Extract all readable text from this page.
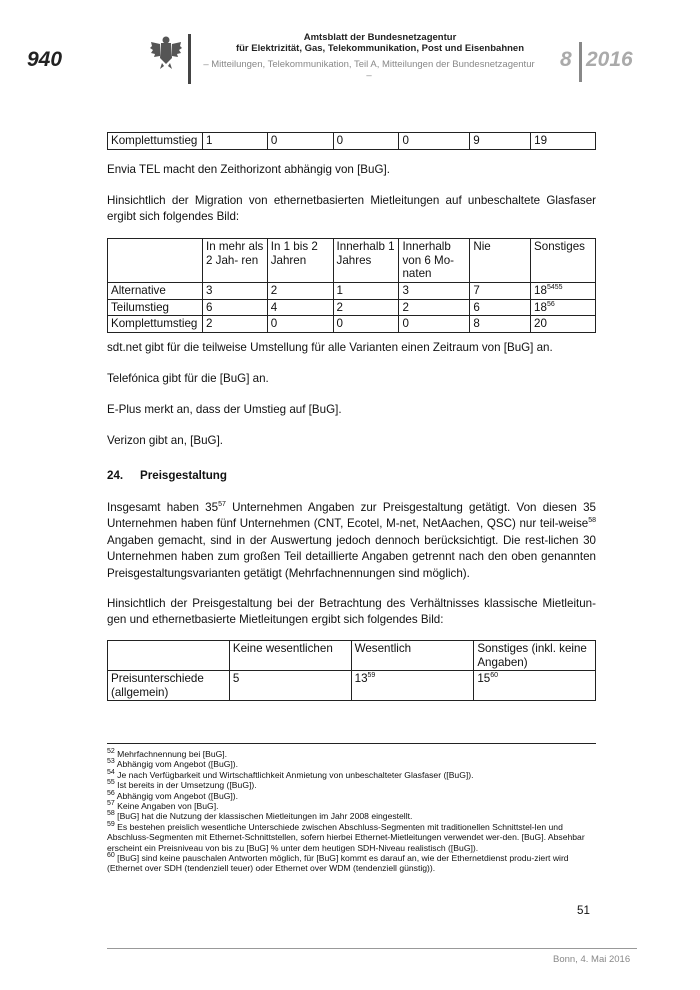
940
Amtsblatt der Bundesnetzagentur
für Elektrizität, Gas, Telekommunikation, Post und Eisenbahnen
– Mitteilungen, Telekommunikation, Teil A, Mitteilungen der Bundesnetzagentur –
8 2016
Komplettumstieg	1	0	0	0	9	19
Envia TEL macht den Zeithorizont abhängig von [BuG].
Hinsichtlich der Migration von ethernetbasierten Mietleitungen auf unbeschaltete Glasfaser ergibt sich folgendes Bild:
	In mehr als 2 Jah- ren	In 1 bis 2 Jahren	Innerhalb 1 Jahres	Innerhalb von 6 Mo- naten	Nie	Sonstiges
Alternative	3	2	1	3	7	$18^{5455}$
Teilumstieg	6	4	2	2	6	$18^{56}$
Komplettumstieg	2	0	0	0	8	20
sdt.net gibt für die teilweise Umstellung für alle Varianten einen Zeitraum von [BuG] an.
Telefónica gibt für die [BuG] an.
E-Plus merkt an, dass der Umstieg auf [BuG].
Verizon gibt an, [BuG].
24. Preisgestaltung
Insgesamt haben $35^{57}$ Unternehmen Angaben zur Preisgestaltung getätigt. Von diesen 35 Unternehmen haben fünf Unternehmen (CNT, Ecotel, M-net, NetAachen, QSC) nur teil-weise$^{58}$ Angaben gemacht, sind in der Auswertung jedoch dennoch berücksichtigt. Die rest-lichen 30 Unternehmen haben zum großen Teil detaillierte Angaben getrennt nach den oben genannten Preisgestaltungsvarianten getätigt (Mehrfachnennungen sind möglich).
Hinsichtlich der Preisgestaltung bei der Betrachtung des Verhältnisses klassische Mietleitun-gen und ethernetbasierte Mietleitungen ergibt sich folgendes Bild:
	Keine wesentlichen	Wesentlich	Sonstiges (inkl. keine Angaben)
Preisunterschiede (allgemein)	5	$13^{59}$	$15^{60}$
$^{52}$ Mehrfachnennung bei [BuG].
$^{53}$ Abhängig vom Angebot ([BuG]).
$^{54}$ Je nach Verfügbarkeit und Wirtschaftlichkeit Anmietung von unbeschalteter Glasfaser ([BuG]).
$^{55}$ Ist bereits in der Umsetzung ([BuG]).
$^{56}$ Abhängig vom Angebot ([BuG]).
$^{57}$ Keine Angaben von [BuG].
$^{58}$ [BuG] hat die Nutzung der klassischen Mietleitungen im Jahr 2008 eingestellt.
$^{59}$ Es bestehen preislich wesentliche Unterschiede zwischen Abschluss-Segmenten mit traditionellen Schnittstel-len und Abschluss-Segmenten mit Ethernet-Schnittstellen, sofern hierbei Ethernet-Mietleitungen verwendet wer-den. [BuG]. Absehbar erscheint ein Preisniveau von bis zu [BuG] % unter dem heutigen SDH-Niveau realistisch ([BuG]).
$^{60}$ [BuG] sind keine pauschalen Antworten möglich, für [BuG] kommt es darauf an, wie der Ethernetdienst produ-ziert wird (Ethernet over SDH (tendenziell teuer) oder Ethernet over WDM (tendenziell günstig)).
51
Bonn, 4. Mai 2016
